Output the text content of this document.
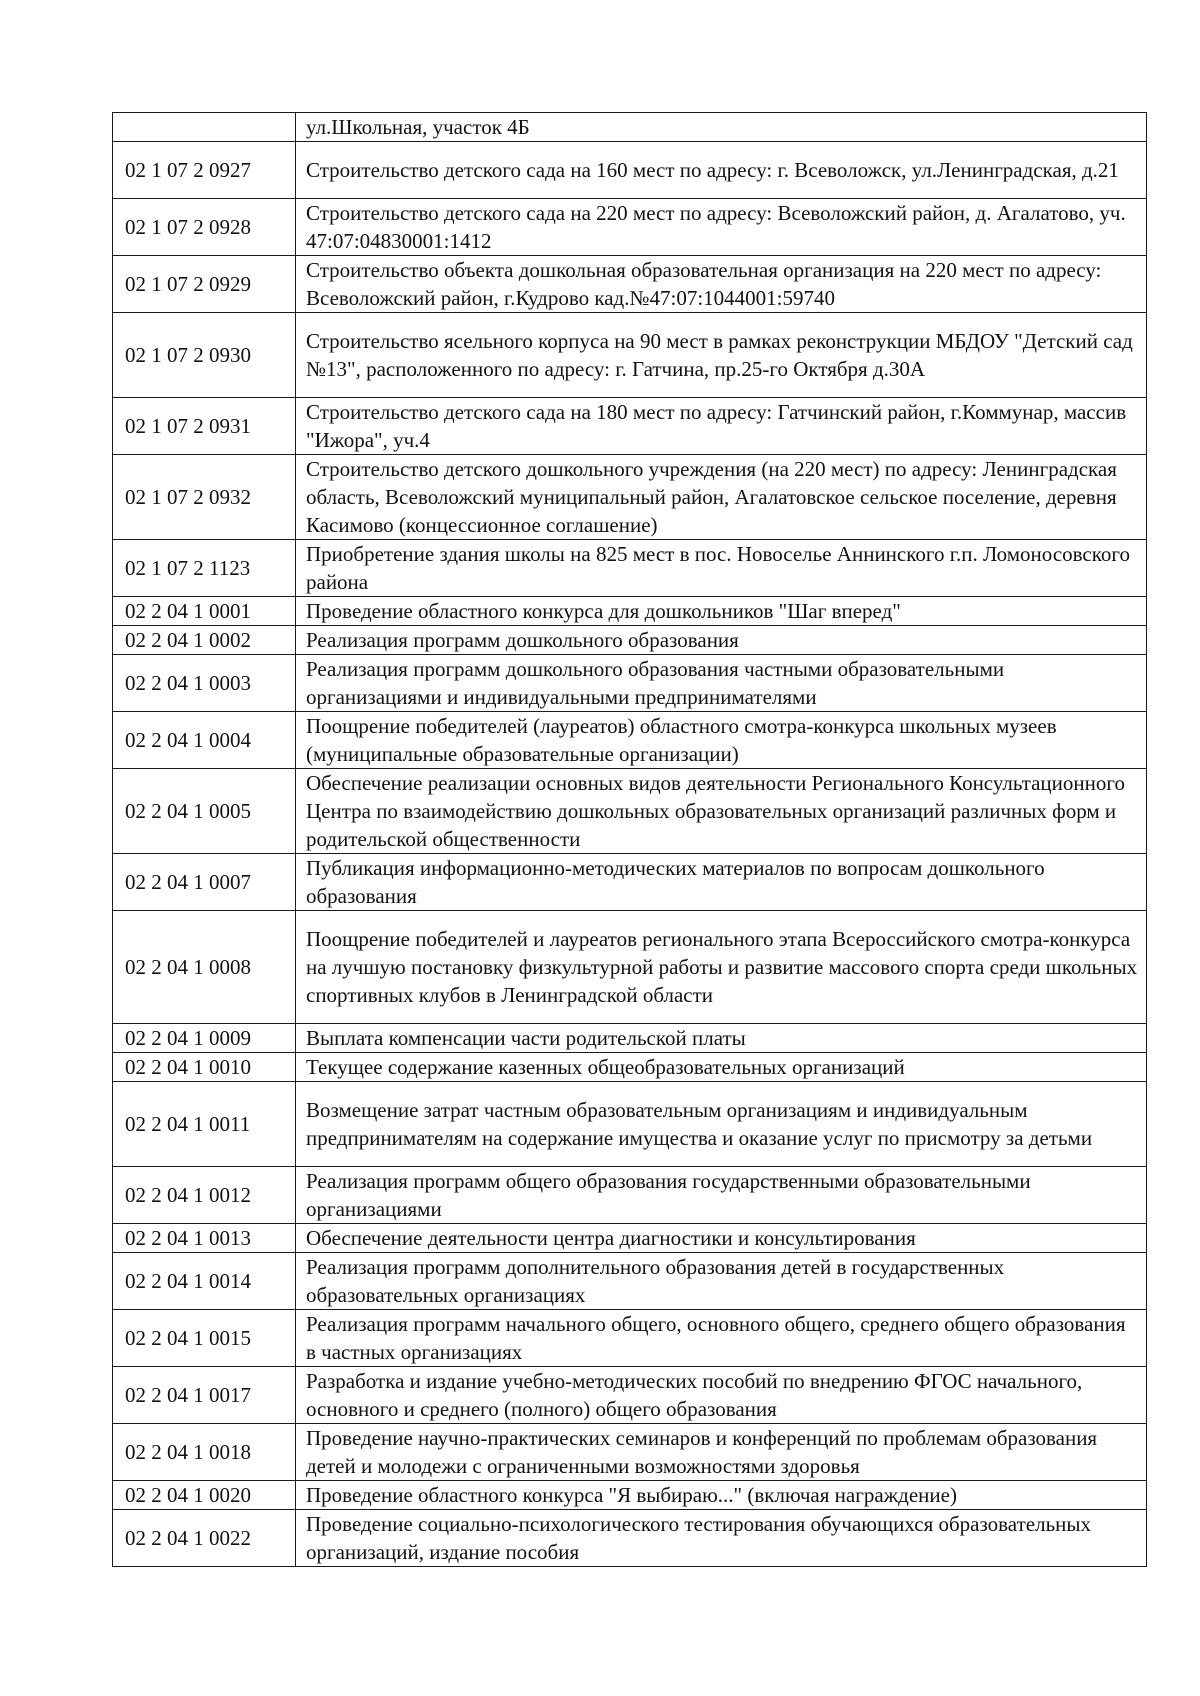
	ул.Школьная, участок 4Б
02 1 07 2 0927	Строительство детского сада на 160 мест по адресу: г. Всеволожск, ул.Ленинградская, д.21
02 1 07 2 0928	Строительство детского сада на 220 мест по адресу: Всеволожский район, д. Агалатово, уч. 47:07:04830001:1412
02 1 07 2 0929	Строительство объекта дошкольная образовательная организация на 220 мест по адресу: Всеволожский район, г.Кудрово кад.№47:07:1044001:59740
02 1 07 2 0930	Строительство ясельного корпуса на 90 мест в рамках реконструкции МБДОУ "Детский сад №13", расположенного по адресу: г. Гатчина, пр.25-го Октября д.30А
02 1 07 2 0931	Строительство детского сада на 180 мест по адресу: Гатчинский район, г.Коммунар, массив "Ижора", уч.4
02 1 07 2 0932	Строительство детского дошкольного учреждения (на 220 мест) по адресу: Ленинградская область, Всеволожский муниципальный район, Агалатовское сельское поселение, деревня Касимово (концессионное соглашение)
02 1 07 2 1123	Приобретение здания школы на 825 мест в пос. Новоселье Аннинского г.п. Ломоносовского района
02 2 04 1 0001	Проведение областного конкурса для дошкольников "Шаг вперед"
02 2 04 1 0002	Реализация программ дошкольного образования
02 2 04 1 0003	Реализация программ дошкольного образования частными образовательными организациями и индивидуальными предпринимателями
02 2 04 1 0004	Поощрение победителей (лауреатов) областного смотра-конкурса школьных музеев (муниципальные образовательные организации)
02 2 04 1 0005	Обеспечение реализации основных видов деятельности Регионального Консультационного Центра по взаимодействию дошкольных образовательных организаций различных форм и родительской общественности
02 2 04 1 0007	Публикация информационно-методических материалов по вопросам дошкольного образования
02 2 04 1 0008	Поощрение победителей и лауреатов регионального этапа Всероссийского смотра-конкурса на лучшую постановку физкультурной работы и развитие массового спорта среди школьных спортивных клубов в Ленинградской области
02 2 04 1 0009	Выплата компенсации части родительской платы
02 2 04 1 0010	Текущее содержание казенных общеобразовательных организаций
02 2 04 1 0011	Возмещение затрат частным образовательным организациям и индивидуальным предпринимателям на содержание имущества и оказание услуг по присмотру за детьми
02 2 04 1 0012	Реализация программ общего образования государственными образовательными организациями
02 2 04 1 0013	Обеспечение деятельности центра диагностики и консультирования
02 2 04 1 0014	Реализация программ дополнительного образования детей в государственных образовательных организациях
02 2 04 1 0015	Реализация программ начального общего, основного общего, среднего общего образования в частных организациях
02 2 04 1 0017	Разработка и издание учебно-методических пособий по внедрению ФГОС начального, основного и среднего (полного) общего образования
02 2 04 1 0018	Проведение научно-практических семинаров и конференций по проблемам образования детей и молодежи с ограниченными возможностями здоровья
02 2 04 1 0020	Проведение областного конкурса "Я выбираю..." (включая награждение)
02 2 04 1 0022	Проведение социально-психологического тестирования обучающихся образовательных организаций, издание пособия
